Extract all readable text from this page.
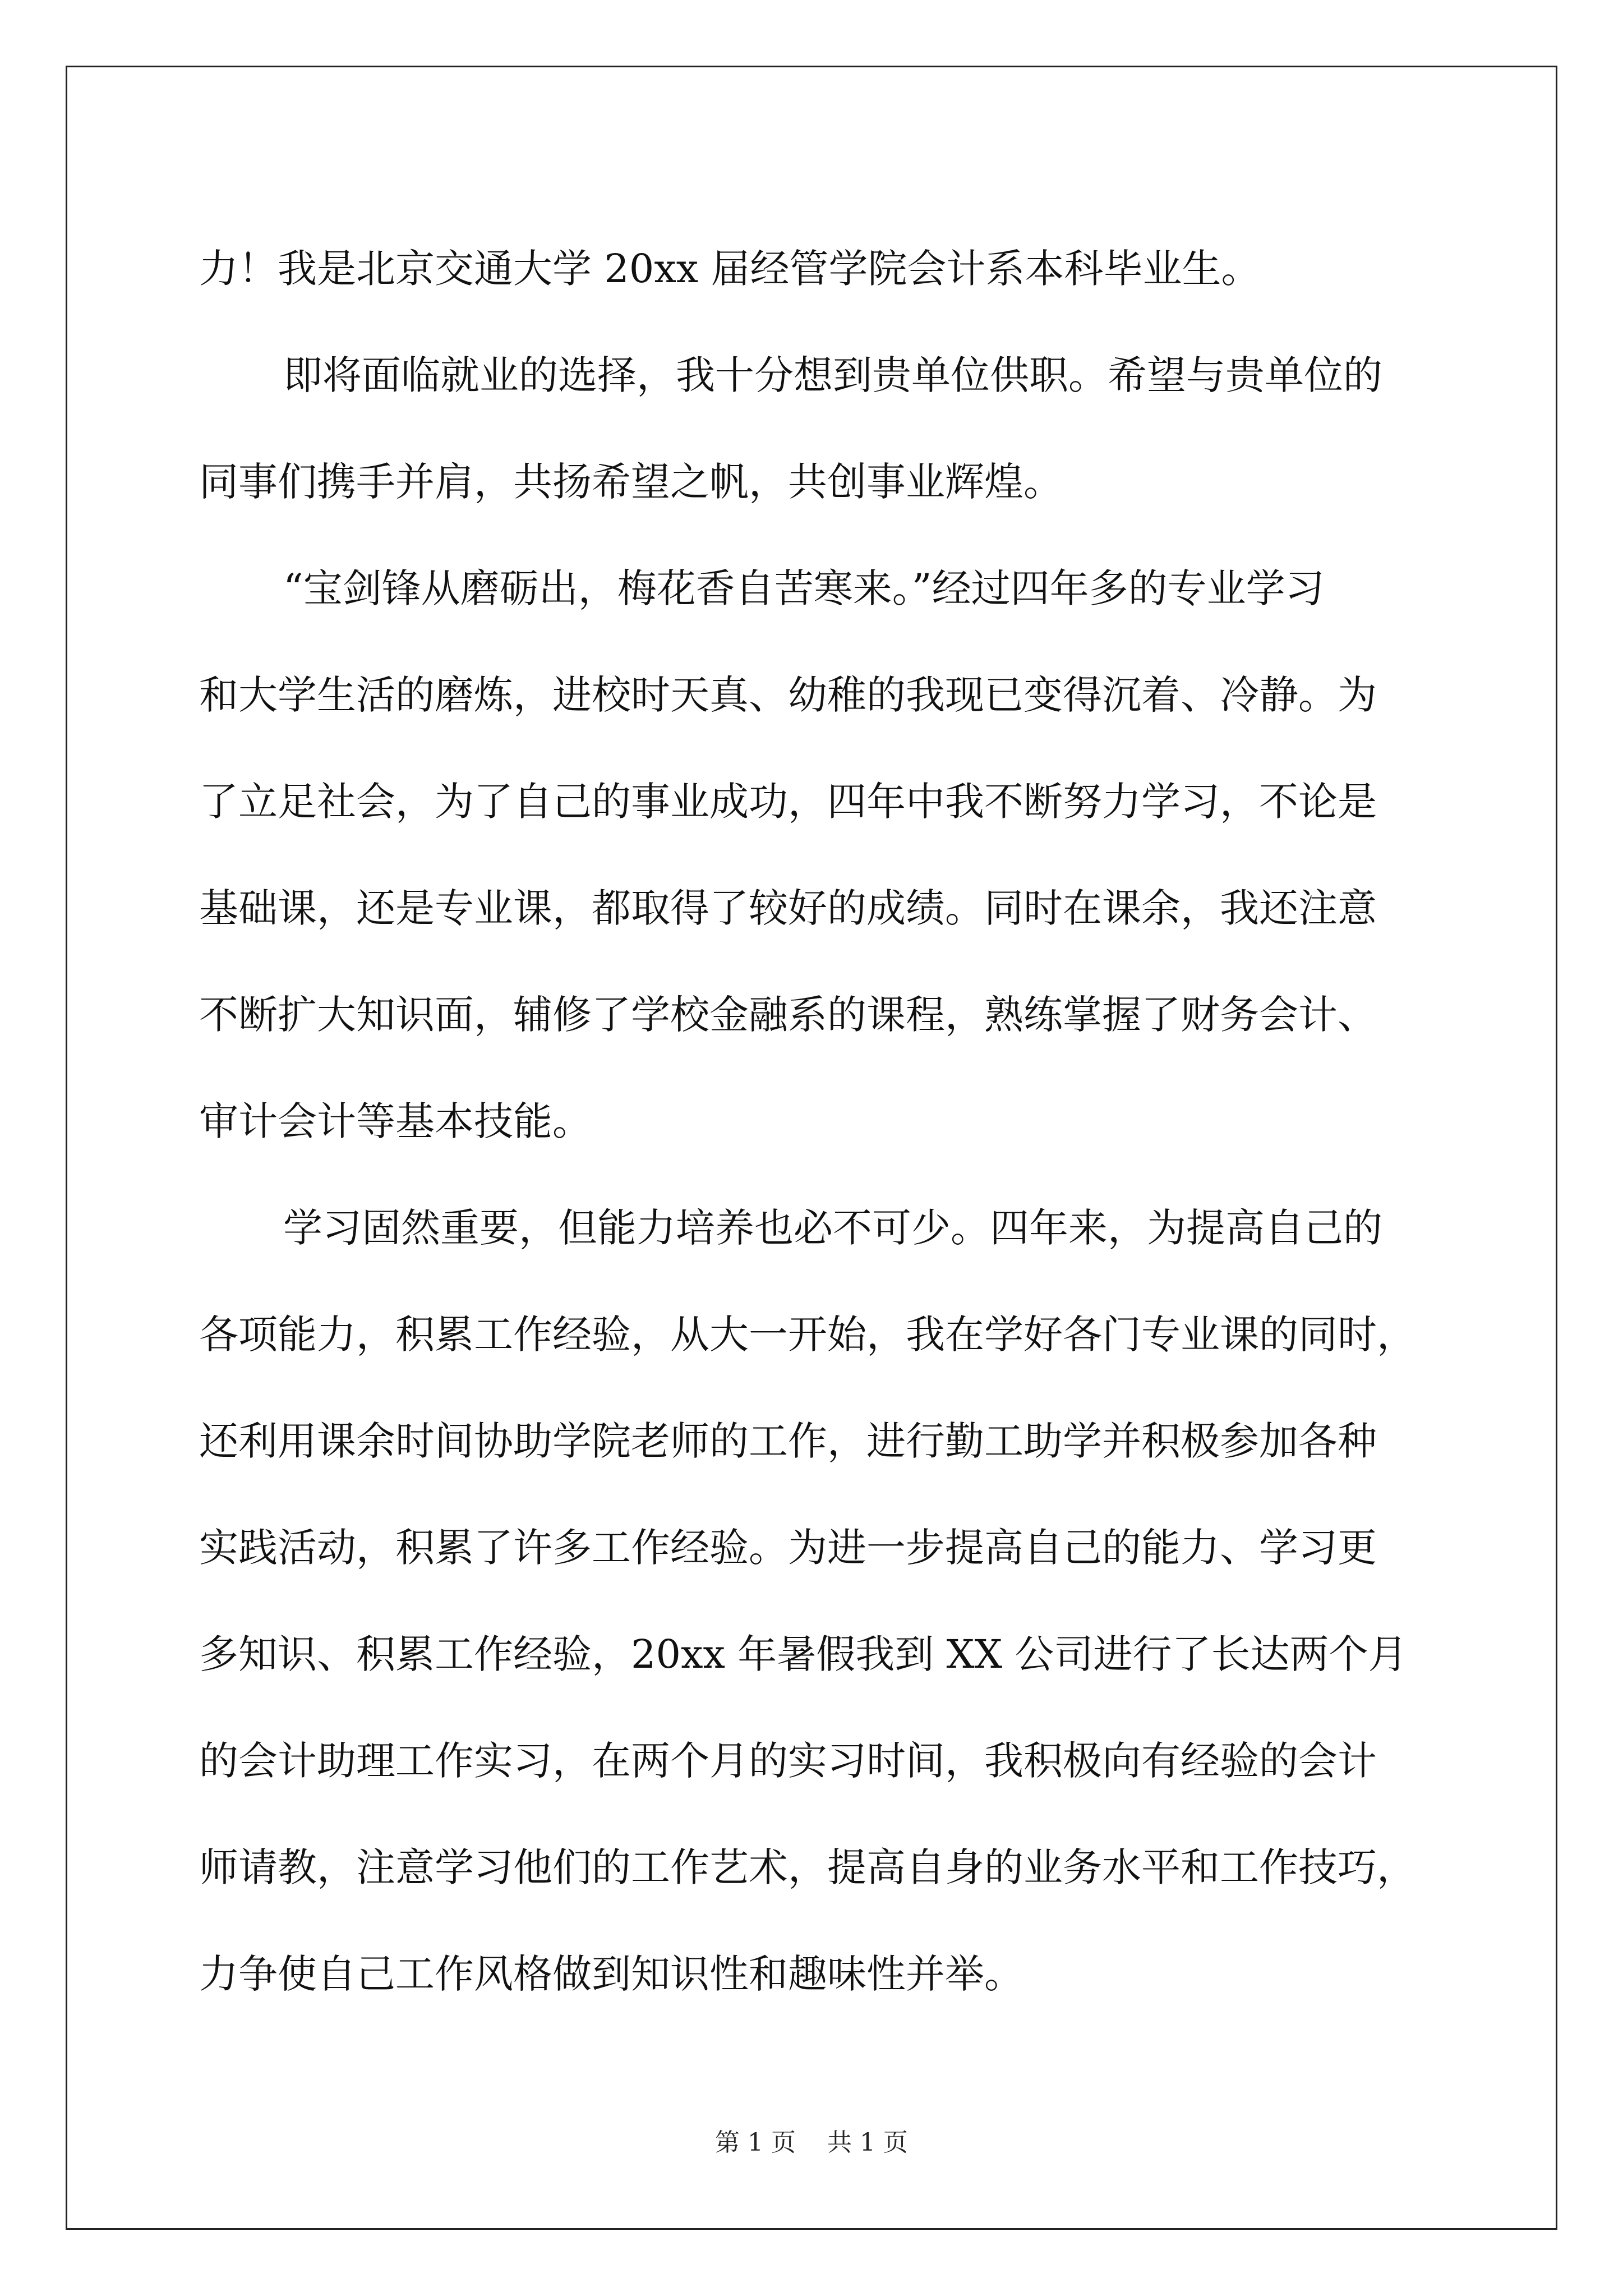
力！我是北京交通大学 20xx 届经管学院会计系本科毕业生。
即将面临就业的选择，我十分想到贵单位供职。希望与贵单位的
同事们携手并肩，共扬希望之帆，共创事业辉煌。
“宝剑锋从磨砺出，梅花香自苦寒来。”经过四年多的专业学习
和大学生活的磨炼，进校时天真、幼稚的我现已变得沉着、冷静。为
了立足社会，为了自己的事业成功，四年中我不断努力学习，不论是
基础课，还是专业课，都取得了较好的成绩。同时在课余，我还注意
不断扩大知识面，辅修了学校金融系的课程，熟练掌握了财务会计、
审计会计等基本技能。
学习固然重要，但能力培养也必不可少。四年来，为提高自己的
各项能力，积累工作经验，从大一开始，我在学好各门专业课的同时，
还利用课余时间协助学院老师的工作，进行勤工助学并积极参加各种
实践活动，积累了许多工作经验。为进一步提高自己的能力、学习更
多知识、积累工作经验，20xx 年暑假我到 XX 公司进行了长达两个月
的会计助理工作实习，在两个月的实习时间，我积极向有经验的会计
师请教，注意学习他们的工作艺术，提高自身的业务水平和工作技巧，
力争使自己工作风格做到知识性和趣味性并举。
第 1 页    共 1 页
